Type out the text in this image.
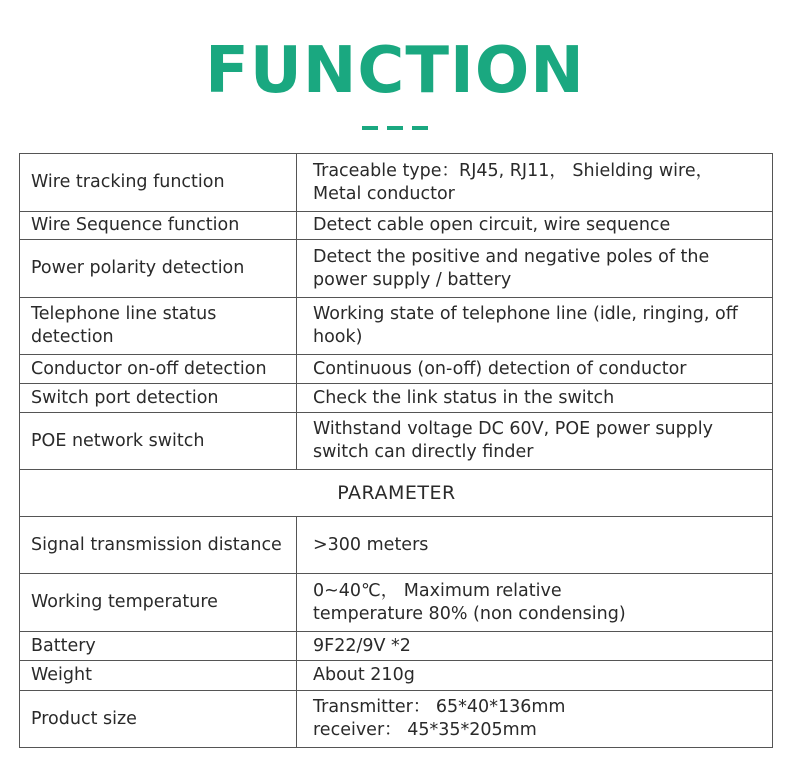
FUNCTION
Wire tracking function	Traceable type：RJ45, RJ11， Shielding wire， Metal conductor
Wire Sequence function	Detect cable open circuit, wire sequence
Power polarity detection	Detect the positive and negative poles of the power supply / battery
Telephone line status detection	Working state of telephone line (idle, ringing, off hook)
Conductor on-off detection	Continuous (on-off) detection of conductor
Switch port detection	Check the link status in the switch
POE network switch	Withstand voltage DC 60V, POE power supply switch can directly finder
PARAMETER	
Signal transmission distance	>300 meters
Working temperature	0~40℃， Maximum relative
temperature 80% (non condensing)

Battery	9F22/9V *2
Weight	About 210g
Product size	Transmitter： 65*40*136mm
receiver： 45*35*205mm
